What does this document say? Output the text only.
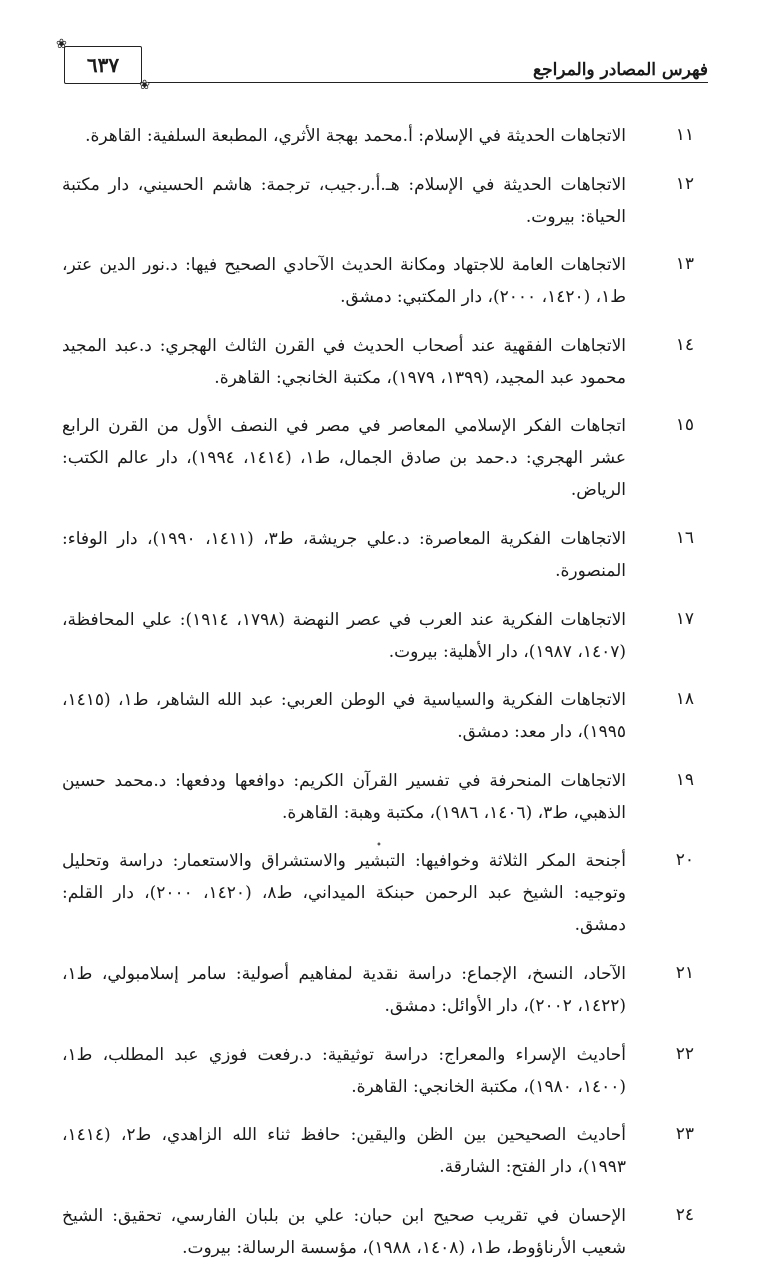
❀ ٦٣٧
❀	فهرس المصادر والمراجع
١١
الاتجاهات الحديثة في الإسلام: أ.محمد بهجة الأثري، المطبعة السلفية: القاهرة.
١٢
الاتجاهات الحديثة في الإسلام: هـ.أ.ر.جيب، ترجمة: هاشم الحسيني، دار مكتبة الحياة: بيروت.
١٣
الاتجاهات العامة للاجتهاد ومكانة الحديث الآحادي الصحيح فيها: د.نور الدين عتر، ط١، (١٤٢٠، ٢٠٠٠)، دار المكتبي: دمشق.
١٤
الاتجاهات الفقهية عند أصحاب الحديث في القرن الثالث الهجري: د.عبد المجيد محمود عبد المجيد، (١٣٩٩، ١٩٧٩)، مكتبة الخانجي: القاهرة.
١٥
اتجاهات الفكر الإسلامي المعاصر في مصر في النصف الأول من القرن الرابع عشر الهجري: د.حمد بن صادق الجمال، ط١، (١٤١٤، ١٩٩٤)، دار عالم الكتب: الرياض.
١٦
الاتجاهات الفكرية المعاصرة: د.علي جريشة، ط٣، (١٤١١، ١٩٩٠)، دار الوفاء: المنصورة.
١٧
الاتجاهات الفكرية عند العرب في عصر النهضة (١٧٩٨، ١٩١٤): علي المحافظة، (١٤٠٧، ١٩٨٧)، دار الأهلية: بيروت.
١٨
الاتجاهات الفكرية والسياسية في الوطن العربي: عبد الله الشاهر، ط١، (١٤١٥، ١٩٩٥)، دار معد: دمشق.
١٩
الاتجاهات المنحرفة في تفسير القرآن الكريم: دوافعها ودفعها: د.محمد حسين الذهبي، ط٣، (١٤٠٦، ١٩٨٦)، مكتبة وهبة: القاهرة.
٢٠
أجنحة المكر الثلاثة وخوافيها: التبشير والاستشراق والاستعمار: دراسة وتحليل وتوجيه: الشيخ عبد الرحمن حبنكة الميداني، ط٨، (١٤٢٠، ٢٠٠٠)، دار القلم: دمشق.
٢١
الآحاد، النسخ، الإجماع: دراسة نقدية لمفاهيم أصولية: سامر إسلامبولي، ط١، (١٤٢٢، ٢٠٠٢)، دار الأوائل: دمشق.
٢٢
أحاديث الإسراء والمعراج: دراسة توثيقية: د.رفعت فوزي عبد المطلب، ط١، (١٤٠٠، ١٩٨٠)، مكتبة الخانجي: القاهرة.
٢٣
أحاديث الصحيحين بين الظن واليقين: حافظ ثناء الله الزاهدي، ط٢، (١٤١٤، ١٩٩٣)، دار الفتح: الشارقة.
٢٤
الإحسان في تقريب صحيح ابن حبان: علي بن بلبان الفارسي، تحقيق: الشيخ شعيب الأرناؤوط، ط١، (١٤٠٨، ١٩٨٨)، مؤسسة الرسالة: بيروت.
•
